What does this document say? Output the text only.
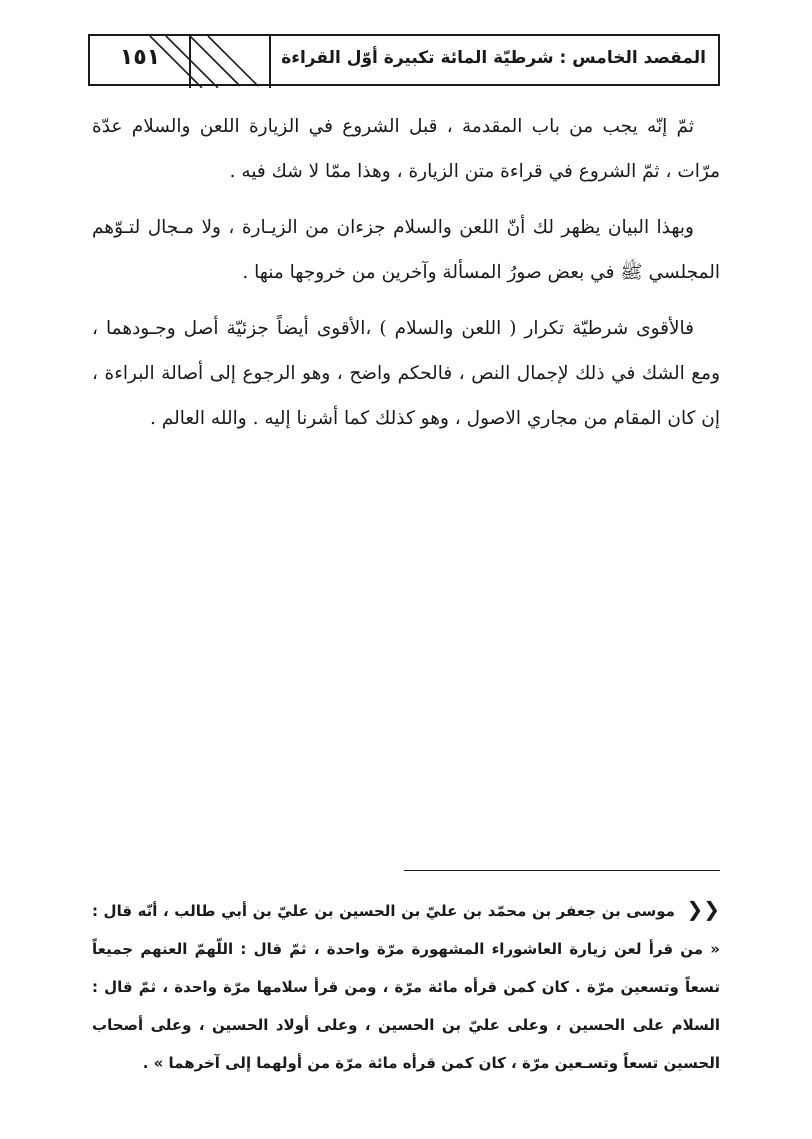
١٥١	المقصد الخامس : شرطيّة المائة تكبيرة أوّل القراءة

ثمّ إنّه يجب من باب المقدمة ، قبل الشروع في الزيارة اللعن والسلام عدّة مرّات ، ثمّ الشروع في قراءة متن الزيارة ، وهذا ممّا لا شك فيه .

وبهذا البيان يظهر لك أنّ اللعن والسلام جزءان من الزيـارة ، ولا مـجال لتـوّهم المجلسي ﷺ في بعض صورُ المسألة وآخرين من خروجها منها .

فالأقوى شرطيّة تكرار ( اللعن والسلام ) ،الأقوى أيضاً جزئيّة أصل وجـودهما ، ومع الشك في ذلك لإجمال النص ، فالحكم واضح ، وهو الرجوع إلى أصالة البراءة ، إن كان المقام من مجاري الاصول ، وهو كذلك كما أشرنا إليه . والله العالم .

❮❮ موسى بن جعفر بن محمّد بن عليّ بن الحسين بن عليّ بن أبي طالب ، أنّه قال : « من قرأ لعن زيارة العاشوراء المشهورة مرّة واحدة ، ثمّ قال : اللّهمّ العنهم جميعاً تسعاً وتسعين مرّة . كان كمن قرأه مائة مرّة ، ومن قرأ سلامها مرّة واحدة ، ثمّ قال : السلام على الحسين ، وعلى عليّ بن الحسين ، وعلى أولاد الحسين ، وعلى أصحاب الحسين تسعاً وتسـعين مرّة ، كان كمن قرأه مائة مرّة من أولهما إلى آخرهما » .
